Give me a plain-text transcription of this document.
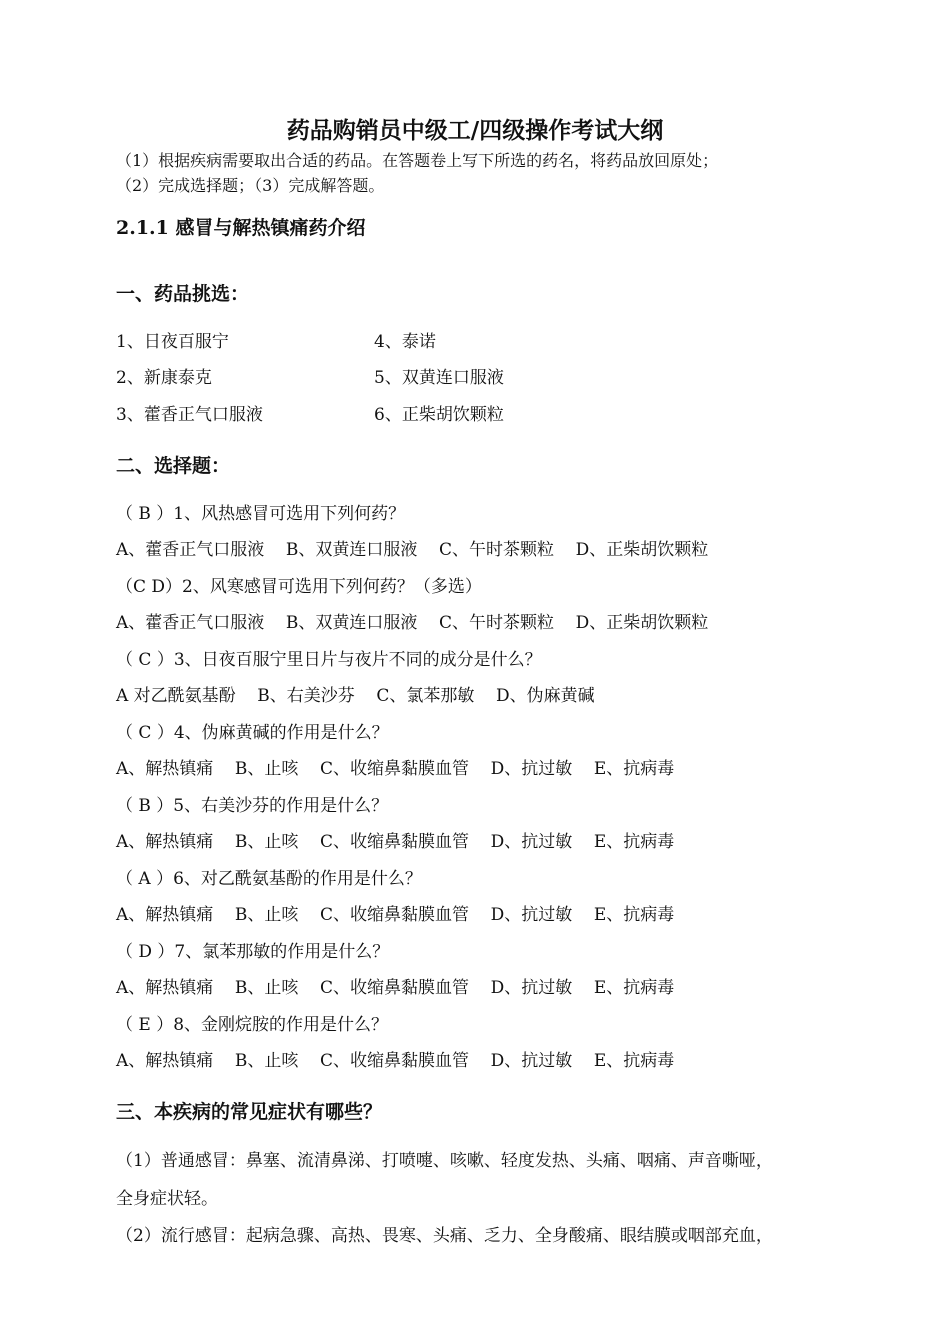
药品购销员中级工/四级操作考试大纲
（1）根据疾病需要取出合适的药品。在答题卷上写下所选的药名，将药品放回原处；
（2）完成选择题；（3）完成解答题。
2.1.1 感冒与解热镇痛药介绍
一、药品挑选：
1、日夜百服宁	4、泰诺
2、新康泰克	5、双黄连口服液
3、藿香正气口服液	6、正柴胡饮颗粒
二、选择题：
（ B ）1、风热感冒可选用下列何药？
A、藿香正气口服液    B、双黄连口服液    C、午时茶颗粒    D、正柴胡饮颗粒
（C D）2、风寒感冒可选用下列何药？（多选）
A、藿香正气口服液    B、双黄连口服液    C、午时茶颗粒    D、正柴胡饮颗粒
（ C ）3、日夜百服宁里日片与夜片不同的成分是什么？
A 对乙酰氨基酚    B、右美沙芬    C、氯苯那敏    D、伪麻黄碱
（ C ）4、伪麻黄碱的作用是什么？
A、解热镇痛    B、止咳    C、收缩鼻黏膜血管    D、抗过敏    E、抗病毒
（ B ）5、右美沙芬的作用是什么？
A、解热镇痛    B、止咳    C、收缩鼻黏膜血管    D、抗过敏    E、抗病毒
（ A ）6、对乙酰氨基酚的作用是什么？
A、解热镇痛    B、止咳    C、收缩鼻黏膜血管    D、抗过敏    E、抗病毒
（ D ）7、氯苯那敏的作用是什么？
A、解热镇痛    B、止咳    C、收缩鼻黏膜血管    D、抗过敏    E、抗病毒
（ E ）8、金刚烷胺的作用是什么？
A、解热镇痛    B、止咳    C、收缩鼻黏膜血管    D、抗过敏    E、抗病毒
三、本疾病的常见症状有哪些？
（1）普通感冒：鼻塞、流清鼻涕、打喷嚏、咳嗽、轻度发热、头痛、咽痛、声音嘶哑，
全身症状轻。
（2）流行感冒：起病急骤、高热、畏寒、头痛、乏力、全身酸痛、眼结膜或咽部充血，
